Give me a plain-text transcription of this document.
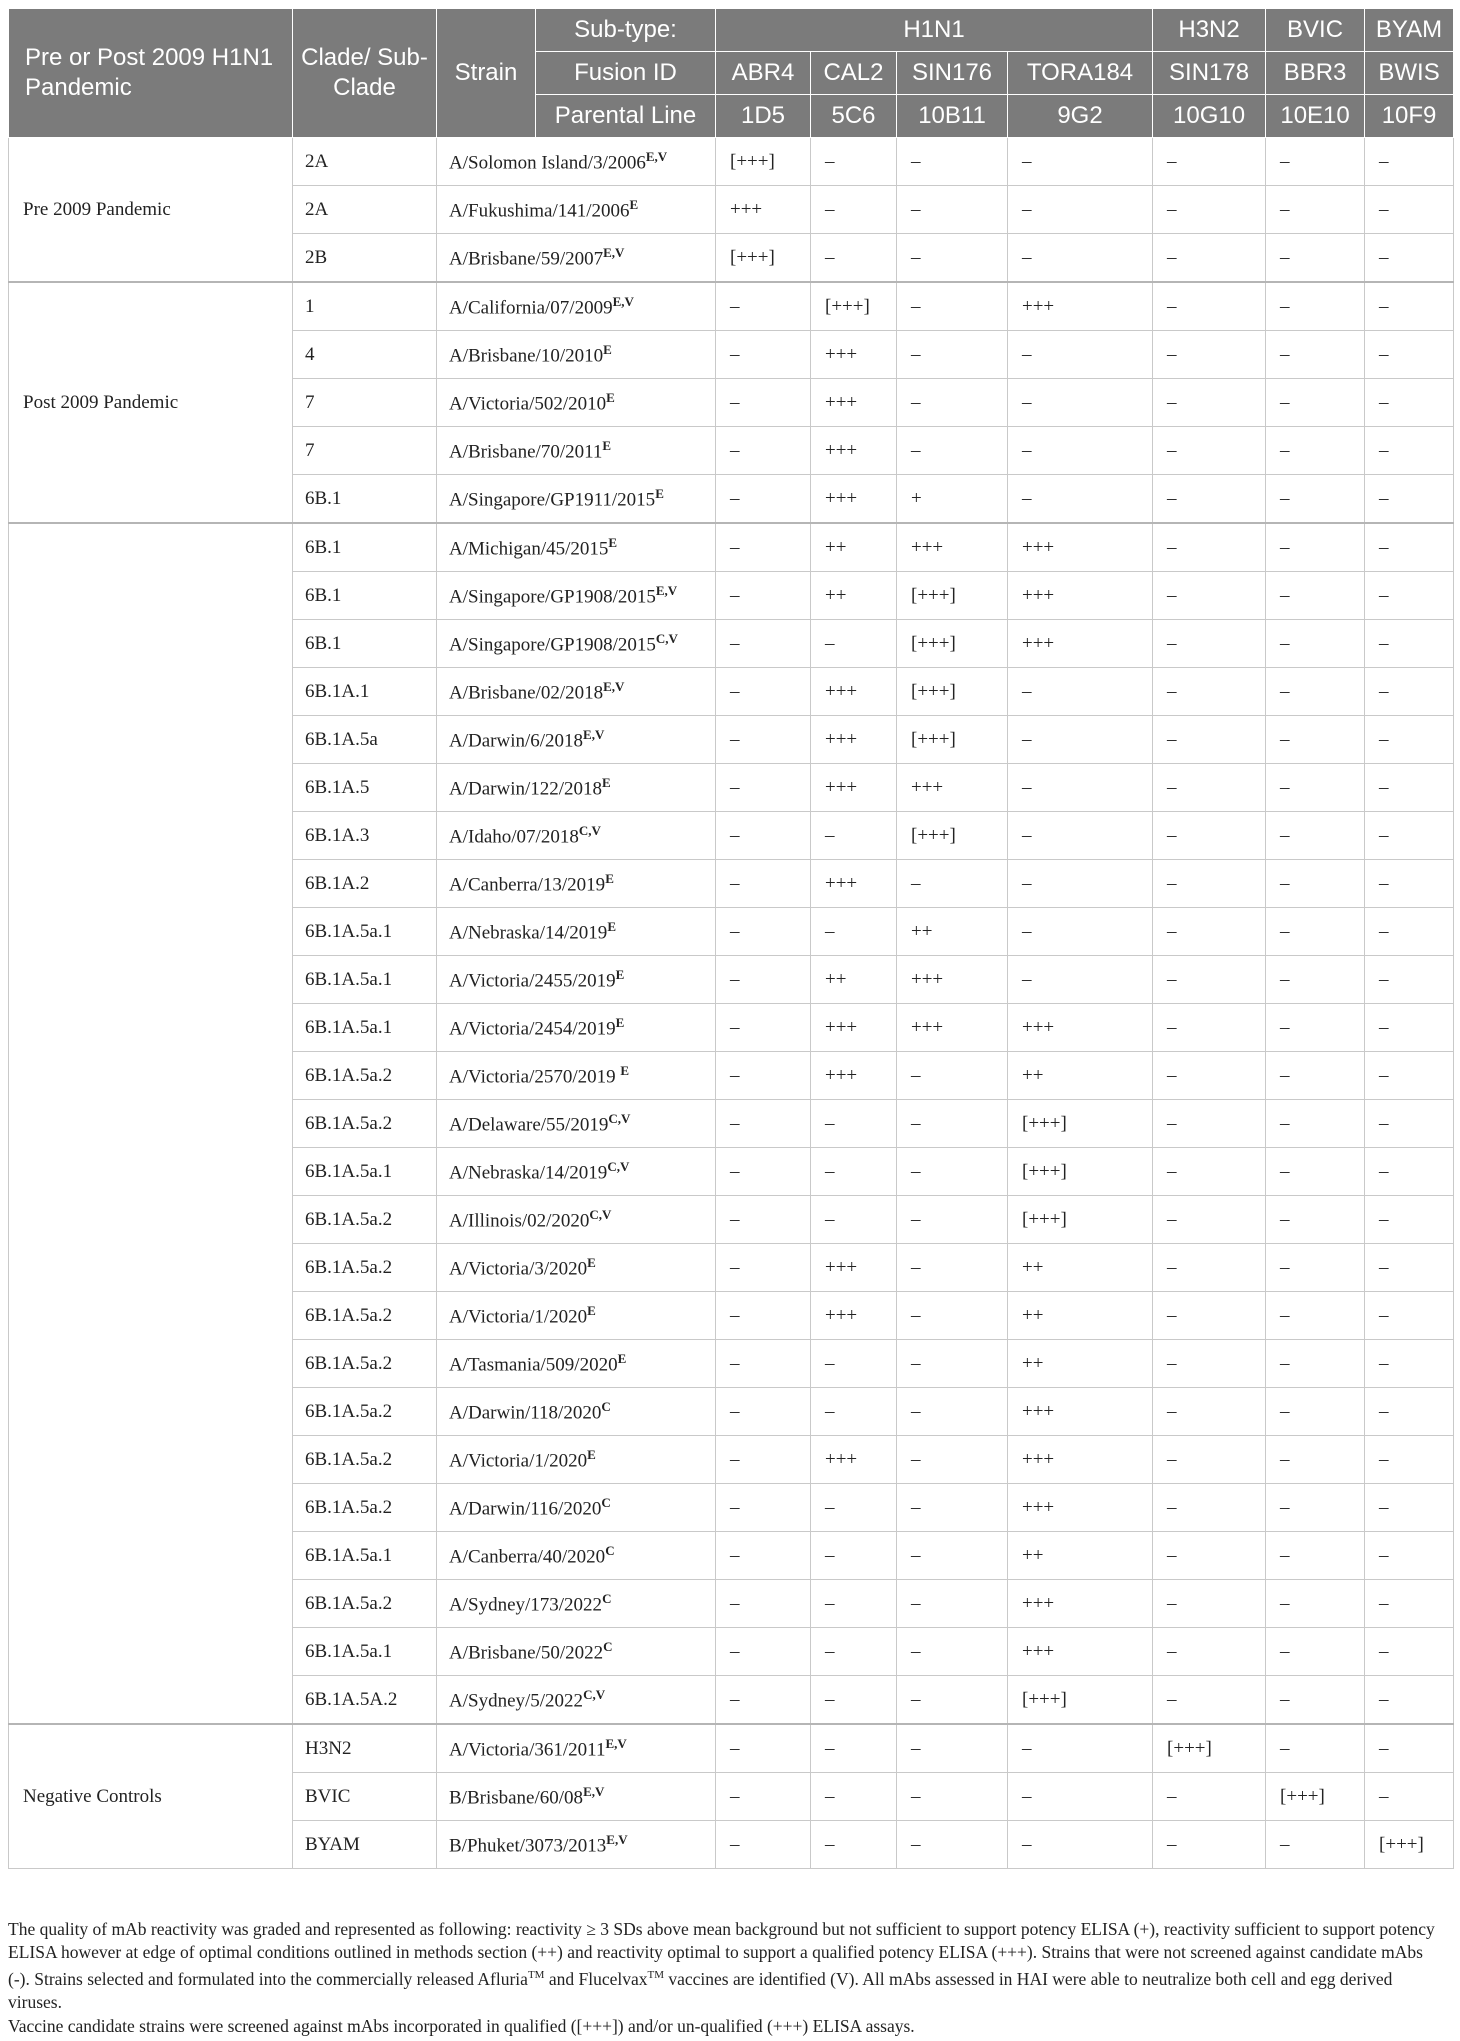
Pre or Post 2009 H1N1 Pandemic	Clade/ Sub-Clade	Strain	Sub-type:	H1N1				H3N2	BVIC	BYAM
			Fusion ID	ABR4	CAL2	SIN176	TORA184	SIN178	BBR3	BWIS
			Parental Line	1D5	5C6	10B11	9G2	10G10	10E10	10F9
Pre 2009 Pandemic	2A	A/Solomon Island/$3/2006^{E,V}$		[+++]	–	–	–	–	–	–
	2A	$A/Fukushima/141/2006^E$		+++	–	–	–	–	–	–
	2B	$A/Brisbane/59/2007^{E,V}$		[+++]	–	–	–	–	–	–
Post 2009 Pandemic	1	$A/California/07/2009^{E,V}$		–	[+++]	–	+++	–	–	–
	4	$A/Brisbane/10/2010^E$		–	+++	–	–	–	–	–
	7	$A/Victoria/502/2010^E$		–	+++	–	–	–	–	–
	7	$A/Brisbane/70/2011^E$		–	+++	–	–	–	–	–
	6B.1	$A/Singapore/GP1911/2015^E$		–	+++	+	–	–	–	–
	6B.1	$A/Michigan/45/2015^E$		–	++	+++	+++	–	–	–
	6B.1	$A/Singapore/GP1908/2015^{E,V}$		–	++	[+++]	+++	–	–	–
	6B.1	$A/Singapore/GP1908/2015^{C,V}$		–	–	[+++]	+++	–	–	–
	6B.1A.1	$A/Brisbane/02/2018^{E,V}$		–	+++	[+++]	–	–	–	–
	6B.1A.5a	$A/Darwin/6/2018^{E,V}$		–	+++	[+++]	–	–	–	–
	6B.1A.5	$A/Darwin/122/2018^E$		–	+++	+++	–	–	–	–
	6B.1A.3	$A/Idaho/07/2018^{C,V}$		–	–	[+++]	–	–	–	–
	6B.1A.2	$A/Canberra/13/2019^E$		–	+++	–	–	–	–	–
	6B.1A.5a.1	$A/Nebraska/14/2019^E$		–	–	++	–	–	–	–
	6B.1A.5a.1	$A/Victoria/2455/2019^E$		–	++	+++	–	–	–	–
	6B.1A.5a.1	$A/Victoria/2454/2019^E$		–	+++	+++	+++	–	–	–
	6B.1A.5a.2	A/Victoria/2570/2019 $^E$		–	+++	–	++	–	–	–
	6B.1A.5a.2	$A/Delaware/55/2019^{C,V}$		–	–	–	[+++]	–	–	–
	6B.1A.5a.1	$A/Nebraska/14/2019^{C,V}$		–	–	–	[+++]	–	–	–
	6B.1A.5a.2	$A/Illinois/02/2020^{C,V}$		–	–	–	[+++]	–	–	–
	6B.1A.5a.2	$A/Victoria/3/2020^E$		–	+++	–	++	–	–	–
	6B.1A.5a.2	$A/Victoria/1/2020^E$		–	+++	–	++	–	–	–
	6B.1A.5a.2	$A/Tasmania/509/2020^E$		–	–	–	++	–	–	–
	6B.1A.5a.2	$A/Darwin/118/2020^C$		–	–	–	+++	–	–	–
	6B.1A.5a.2	$A/Victoria/1/2020^E$		–	+++	–	+++	–	–	–
	6B.1A.5a.2	$A/Darwin/116/2020^C$		–	–	–	+++	–	–	–
	6B.1A.5a.1	$A/Canberra/40/2020^C$		–	–	–	++	–	–	–
	6B.1A.5a.2	$A/Sydney/173/2022^C$		–	–	–	+++	–	–	–
	6B.1A.5a.1	$A/Brisbane/50/2022^C$		–	–	–	+++	–	–	–
	6B.1A.5A.2	$A/Sydney/5/2022^{C,V}$		–	–	–	[+++]	–	–	–
Negative Controls	H3N2	$A/Victoria/361/2011^{E,V}$		–	–	–	–	[+++]	–	–
	BVIC	$B/Brisbane/60/08^{E,V}$		–	–	–	–	–	[+++]	–
	BYAM	$B/Phuket/3073/2013^{E,V}$		–	–	–	–	–	–	[+++]

The quality of mAb reactivity was graded and represented as following: reactivity ≥ 3 SDs above mean background but not sufficient to support potency ELISA (+), reactivity sufficient to support potency ELISA however at edge of optimal conditions outlined in methods section (++) and reactivity optimal to support a qualified potency ELISA (+++). Strains that were not screened against candidate mAbs (-). Strains selected and formulated into the commercially released Afluria™ and Flucelvax™ vaccines are identified (V). All mAbs assessed in HAI were able to neutralize both cell and egg derived viruses.

Vaccine candidate strains were screened against mAbs incorporated in qualified ([+++]) and/or un-qualified (+++) ELISA assays.
